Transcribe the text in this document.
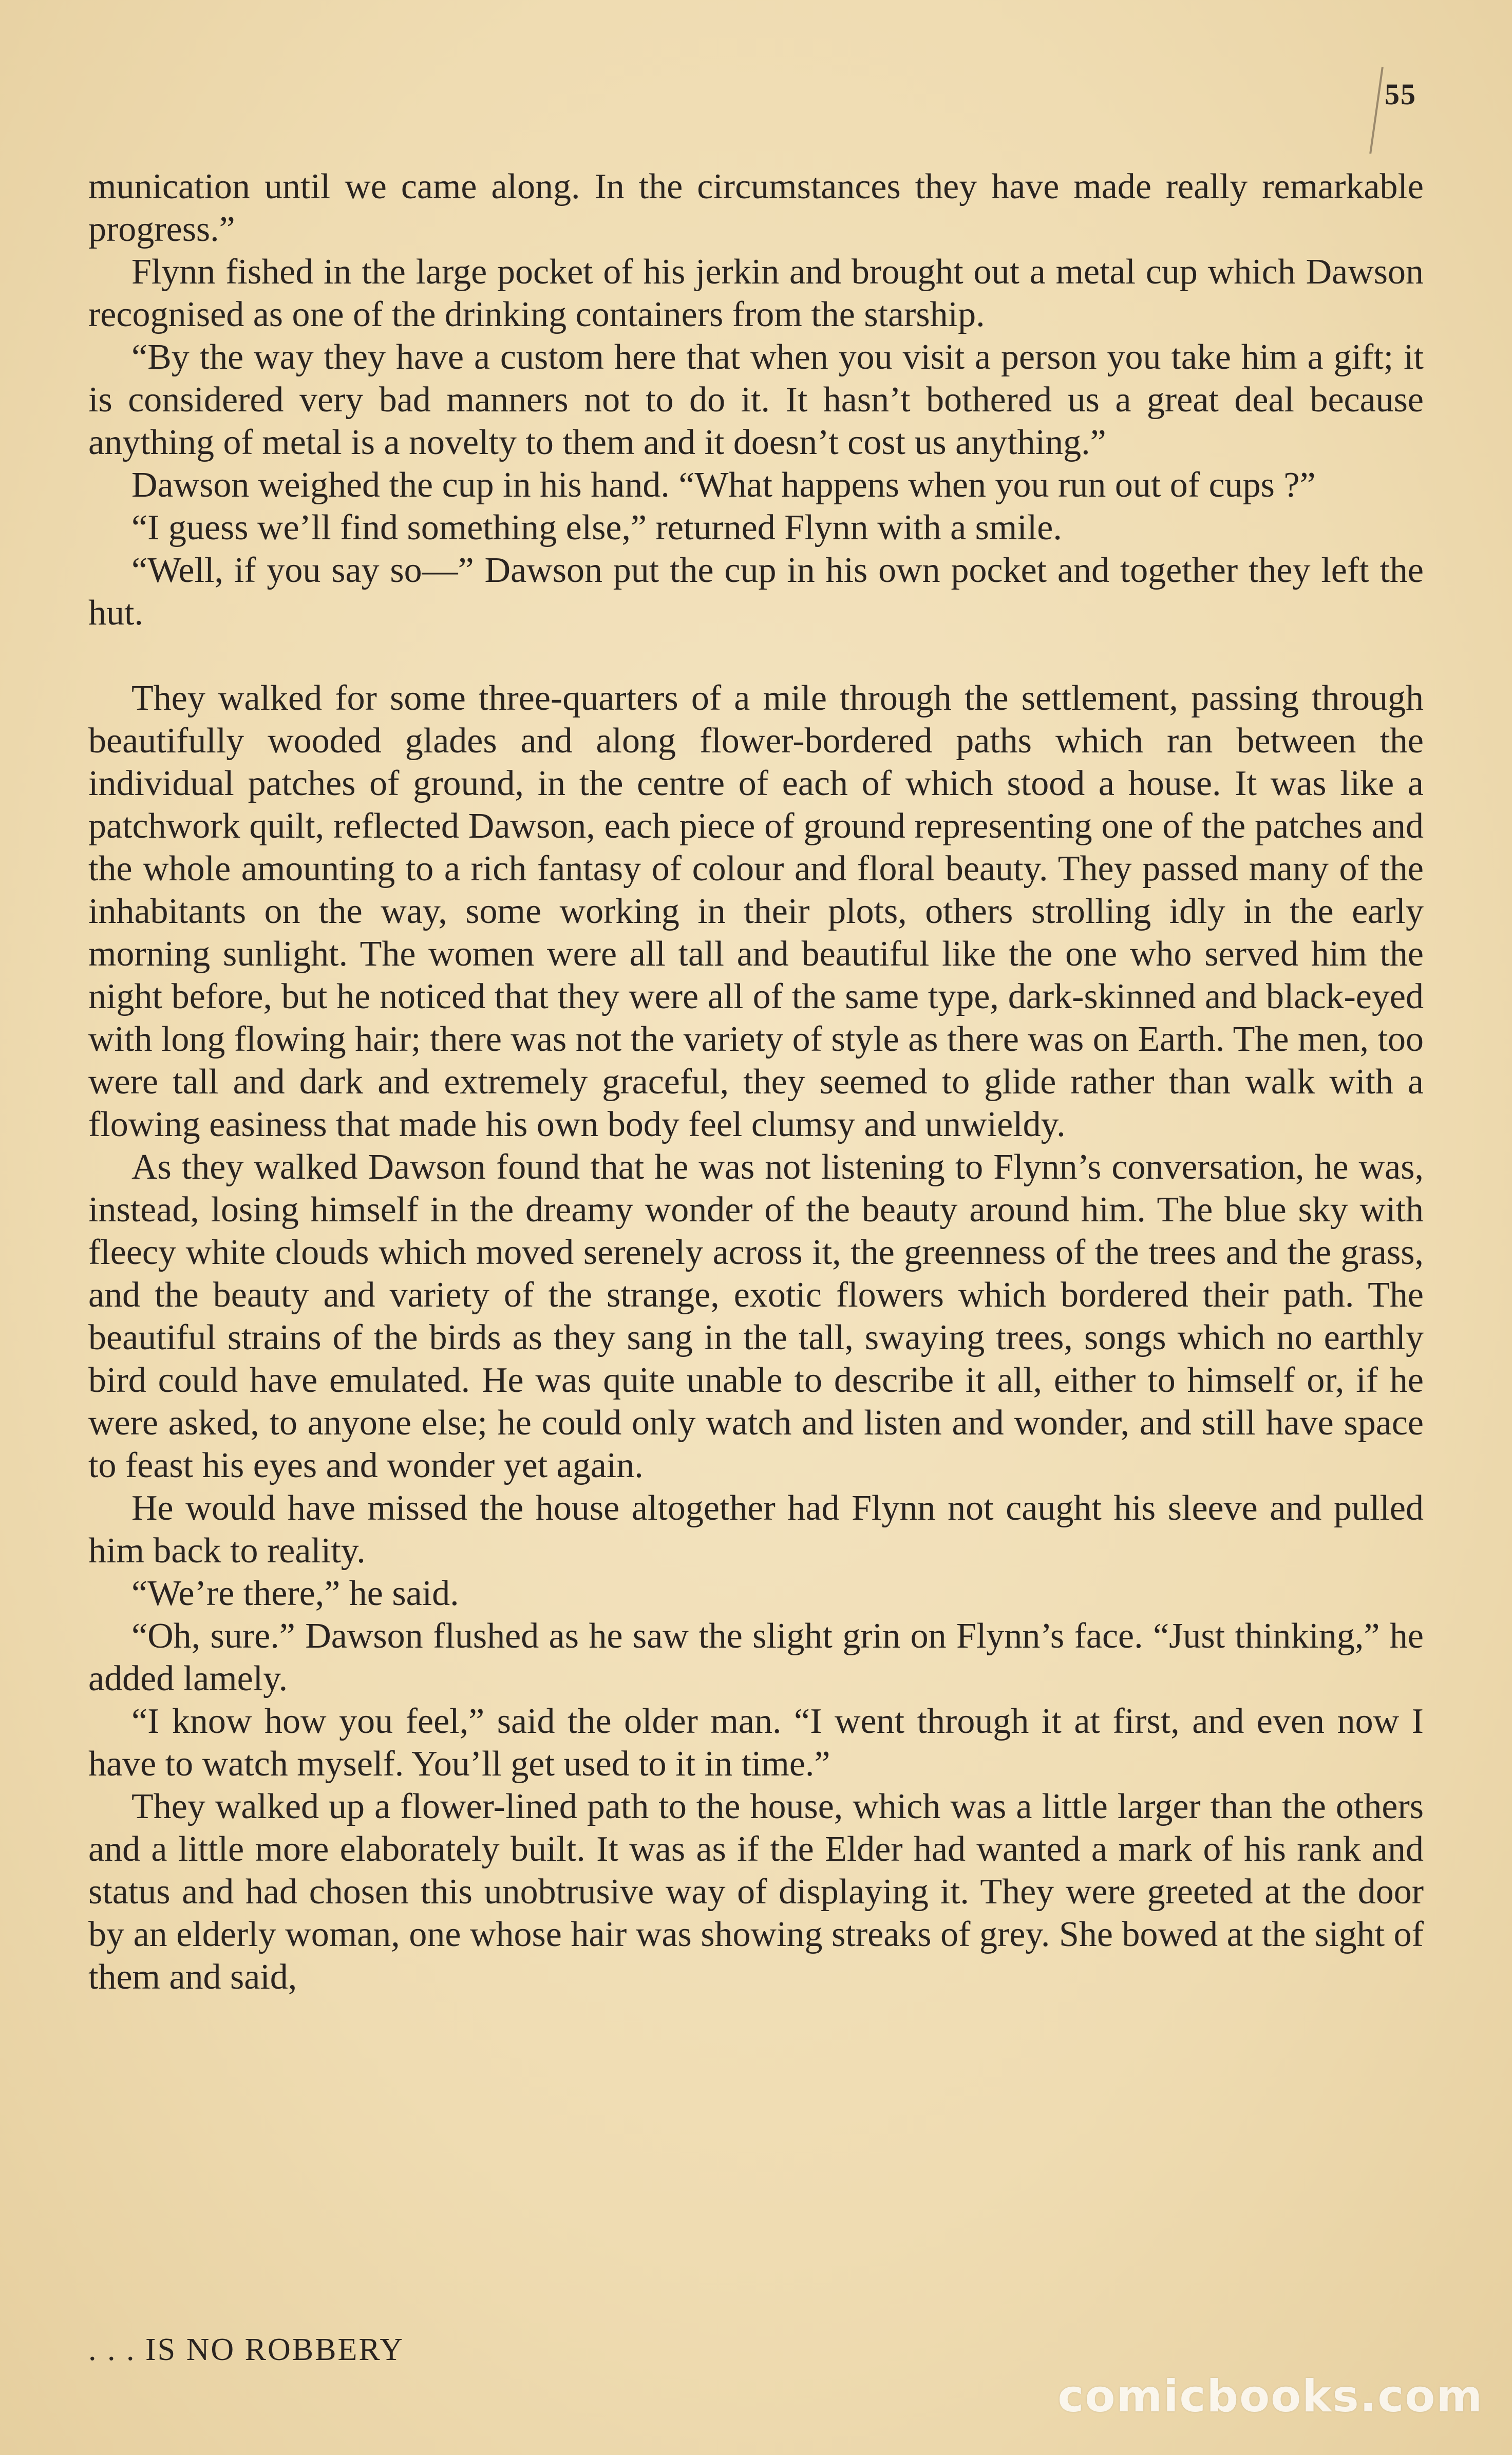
55

munication until we came along. In the circumstances they have made really remarkable progress.”

Flynn fished in the large pocket of his jerkin and brought out a metal cup which Dawson recognised as one of the drinking containers from the starship.

“By the way they have a custom here that when you visit a person you take him a gift; it is considered very bad manners not to do it. It hasn’t bothered us a great deal because anything of metal is a novelty to them and it doesn’t cost us anything.”

Dawson weighed the cup in his hand. “What happens when you run out of cups ?”

“I guess we’ll find something else,” returned Flynn with a smile.

“Well, if you say so—” Dawson put the cup in his own pocket and together they left the hut.

They walked for some three-quarters of a mile through the settlement, passing through beautifully wooded glades and along flower-bordered paths which ran between the individual patches of ground, in the centre of each of which stood a house. It was like a patchwork quilt, reflected Dawson, each piece of ground representing one of the patches and the whole amounting to a rich fantasy of colour and floral beauty. They passed many of the inhabitants on the way, some working in their plots, others strolling idly in the early morning sunlight. The women were all tall and beautiful like the one who served him the night before, but he noticed that they were all of the same type, dark-skinned and black-eyed with long flowing hair; there was not the variety of style as there was on Earth. The men, too were tall and dark and extremely graceful, they seemed to glide rather than walk with a flowing easiness that made his own body feel clumsy and unwieldy.

As they walked Dawson found that he was not listening to Flynn’s conversation, he was, instead, losing himself in the dreamy wonder of the beauty around him. The blue sky with fleecy white clouds which moved serenely across it, the greenness of the trees and the grass, and the beauty and variety of the strange, exotic flowers which bordered their path. The beautiful strains of the birds as they sang in the tall, swaying trees, songs which no earthly bird could have emulated. He was quite unable to describe it all, either to himself or, if he were asked, to anyone else; he could only watch and listen and wonder, and still have space to feast his eyes and wonder yet again.

He would have missed the house altogether had Flynn not caught his sleeve and pulled him back to reality.

“We’re there,” he said.

“Oh, sure.” Dawson flushed as he saw the slight grin on Flynn’s face. “Just thinking,” he added lamely.

“I know how you feel,” said the older man. “I went through it at first, and even now I have to watch myself. You’ll get used to it in time.”

They walked up a flower-lined path to the house, which was a little larger than the others and a little more elaborately built. It was as if the Elder had wanted a mark of his rank and status and had chosen this unobtrusive way of displaying it. They were greeted at the door by an elderly woman, one whose hair was showing streaks of grey. She bowed at the sight of them and said,

. . . IS NO ROBBERY
comicbooks.com
